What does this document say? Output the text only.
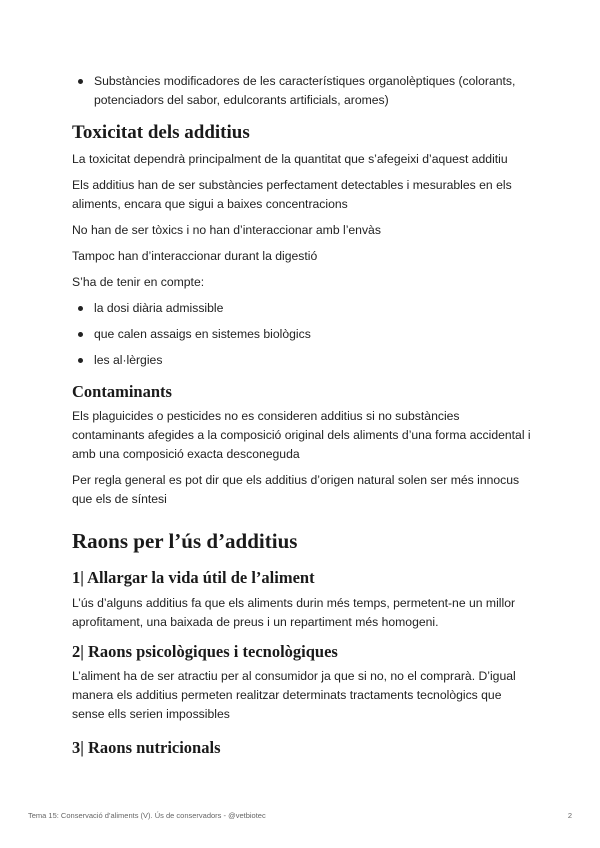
Substàncies modificadores de les característiques organolèptiques (colorants, potenciadors del sabor, edulcorants artificials, aromes)
Toxicitat dels additius

La toxicitat dependrà principalment de la quantitat que s’afegeixi d’aquest additiu

Els additius han de ser substàncies perfectament detectables i mesurables en els aliments, encara que sigui a baixes concentracions

No han de ser tòxics i no han d’interaccionar amb l’envàs

Tampoc han d’interaccionar durant la digestió

S’ha de tenir en compte:

la dosi diària admissible
que calen assaigs en sistemes biològics
les al·lèrgies
Contaminants

Els plaguicides o pesticides no es consideren additius si no substàncies contaminants afegides a la composició original dels aliments d’una forma accidental i amb una composició exacta desconeguda

Per regla general es pot dir que els additius d’origen natural solen ser més innocus que els de síntesi

Raons per l’ús d’additius
1| Allargar la vida útil de l’aliment

L’ús d’alguns additius fa que els aliments durin més temps, permetent-ne un millor aprofitament, una baixada de preus i un repartiment més homogeni.

2| Raons psicològiques i tecnològiques

L’aliment ha de ser atractiu per al consumidor ja que si no, no el comprarà. D’igual manera els additius permeten realitzar determinats tractaments tecnològics que sense ells serien impossibles

3| Raons nutricionals
Tema 15: Conservació d’aliments (V). Ús de conservadors - @vetbiotec	2
